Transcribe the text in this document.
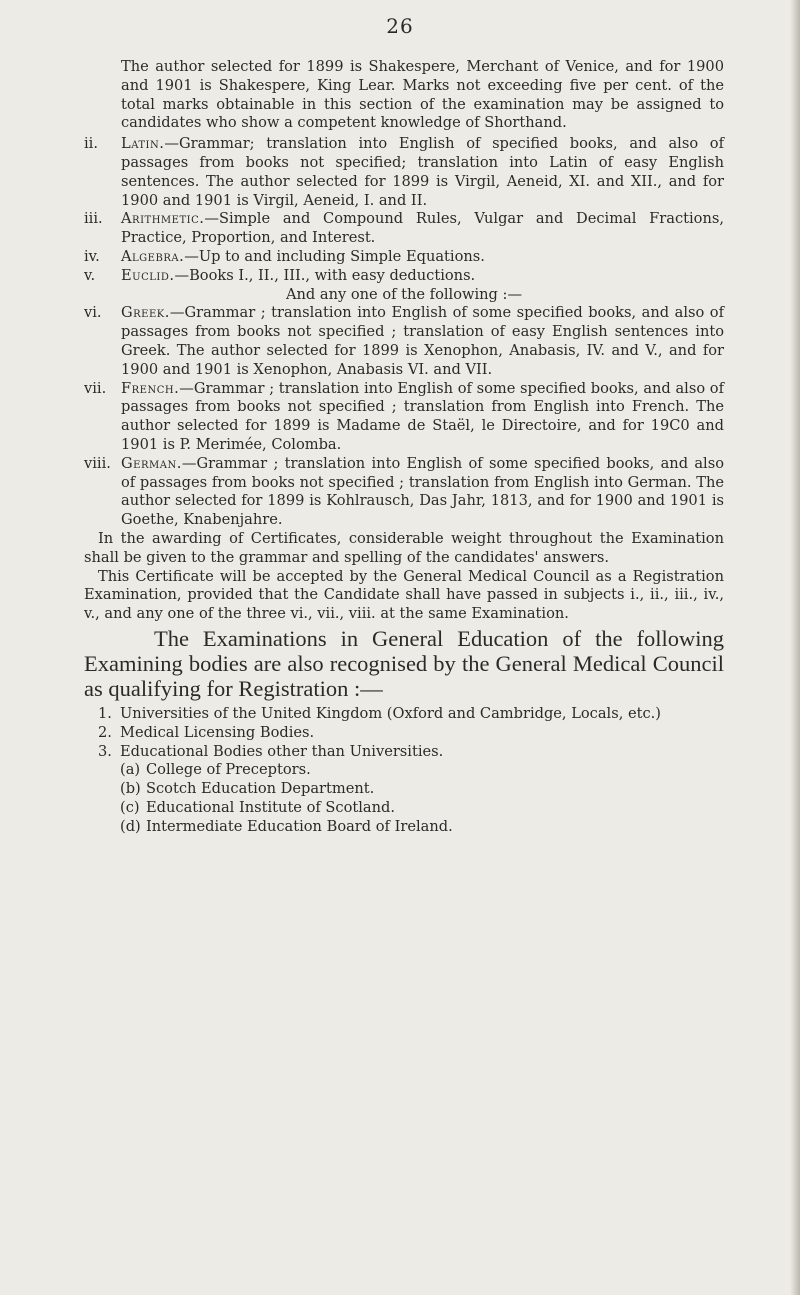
26

The author selected for 1899 is Shakespere, Merchant of Venice, and for 1900 and 1901 is Shakespere, King Lear. Marks not exceeding five per cent. of the total marks obtainable in this section of the examination may be assigned to candidates who show a competent knowledge of Shorthand.

ii. Latin.—Grammar; translation into English of specified books, and also of passages from books not specified; translation into Latin of easy English sentences. The author selected for 1899 is Virgil, Aeneid, XI. and XII., and for 1900 and 1901 is Virgil, Aeneid, I. and II.
iii. Arithmetic.—Simple and Compound Rules, Vulgar and Decimal Fractions, Practice, Proportion, and Interest.
iv. Algebra.—Up to and including Simple Equations.
v. Euclid.—Books I., II., III., with easy deductions.
And any one of the following :—
vi. Greek.—Grammar ; translation into English of some specified books, and also of passages from books not specified ; translation of easy English sentences into Greek. The author selected for 1899 is Xenophon, Anabasis, IV. and V., and for 1900 and 1901 is Xenophon, Anabasis VI. and VII.
vii. French.—Grammar ; translation into English of some specified books, and also of passages from books not specified ; translation from English into French. The author selected for 1899 is Madame de Staël, le Directoire, and for 19C0 and 1901 is P. Merimée, Colomba.
viii. German.—Grammar ; translation into English of some specified books, and also of passages from books not specified ; translation from English into German. The author selected for 1899 is Kohlrausch, Das Jahr, 1813, and for 1900 and 1901 is Goethe, Knabenjahre.

In the awarding of Certificates, considerable weight throughout the Examination shall be given to the grammar and spelling of the candidates' answers.

This Certificate will be accepted by the General Medical Council as a Registration Examination, provided that the Candidate shall have passed in subjects i., ii., iii., iv., v., and any one of the three vi., vii., viii. at the same Examination.

The Examinations in General Education of the following Examining bodies are also recognised by the General Medical Council as qualifying for Registration :—

1. Universities of the United Kingdom (Oxford and Cambridge, Locals, etc.)
2. Medical Licensing Bodies.
3. Educational Bodies other than Universities.
(a) College of Preceptors.
(b) Scotch Education Department.
(c) Educational Institute of Scotland.
(d) Intermediate Education Board of Ireland.
